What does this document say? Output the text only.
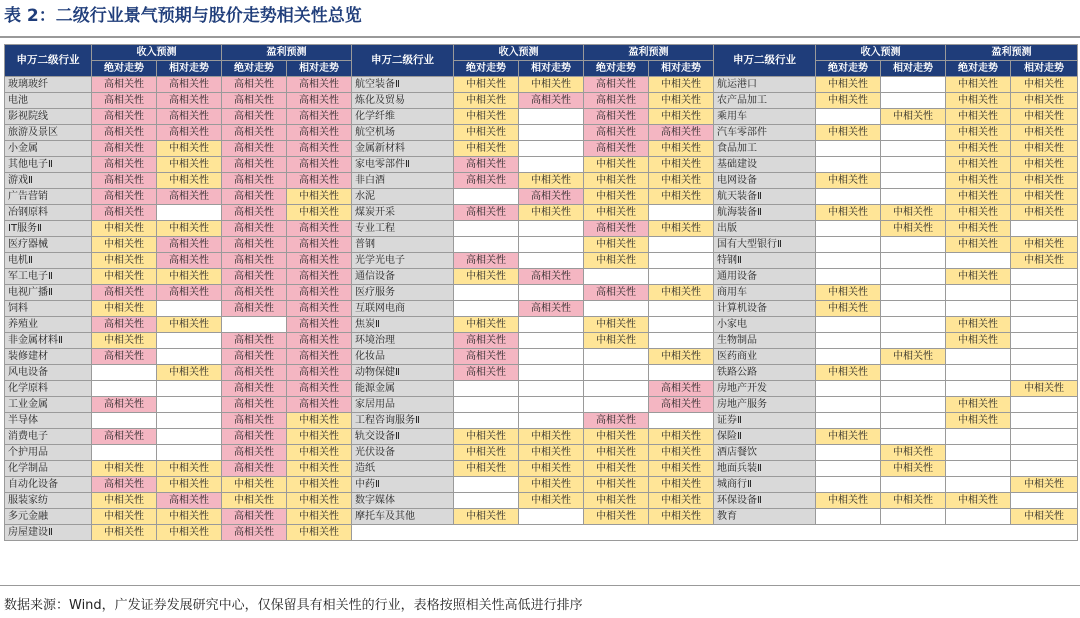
表 2：二级行业景气预期与股价走势相关性总览
申万二级行业	收入预测		盈利预测		申万二级行业	收入预测		盈利预测		申万二级行业	收入预测		盈利预测	
	绝对走势	相对走势	绝对走势	相对走势		绝对走势	相对走势	绝对走势	相对走势		绝对走势	相对走势	绝对走势	相对走势
玻璃玻纤	高相关性	高相关性	高相关性	高相关性	航空装备Ⅱ	中相关性	中相关性	高相关性	中相关性	航运港口	中相关性		中相关性	中相关性
电池	高相关性	高相关性	高相关性	高相关性	炼化及贸易	中相关性	高相关性	高相关性	中相关性	农产品加工	中相关性		中相关性	中相关性
影视院线	高相关性	高相关性	高相关性	高相关性	化学纤维	中相关性		高相关性	中相关性	乘用车		中相关性	中相关性	中相关性
旅游及景区	高相关性	高相关性	高相关性	高相关性	航空机场	中相关性		高相关性	高相关性	汽车零部件	中相关性		中相关性	中相关性
小金属	高相关性	中相关性	高相关性	高相关性	金属新材料	中相关性		高相关性	中相关性	食品加工			中相关性	中相关性
其他电子Ⅱ	高相关性	中相关性	高相关性	高相关性	家电零部件Ⅱ	高相关性		中相关性	中相关性	基础建设			中相关性	中相关性
游戏Ⅱ	高相关性	中相关性	高相关性	高相关性	非白酒	高相关性	中相关性	中相关性	中相关性	电网设备	中相关性		中相关性	中相关性
广告营销	高相关性	高相关性	高相关性	中相关性	水泥		高相关性	中相关性	中相关性	航天装备Ⅱ			中相关性	中相关性
冶钢原料	高相关性		高相关性	中相关性	煤炭开采	高相关性	中相关性	中相关性		航海装备Ⅱ	中相关性	中相关性	中相关性	中相关性
IT服务Ⅱ	中相关性	中相关性	高相关性	高相关性	专业工程			高相关性	中相关性	出版		中相关性	中相关性	
医疗器械	中相关性	高相关性	高相关性	高相关性	普钢			中相关性		国有大型银行Ⅱ			中相关性	中相关性
电机Ⅱ	中相关性	高相关性	高相关性	高相关性	光学光电子	高相关性		中相关性		特钢Ⅱ				中相关性
军工电子Ⅱ	中相关性	中相关性	高相关性	高相关性	通信设备	中相关性	高相关性			通用设备			中相关性	
电视广播Ⅱ	高相关性	高相关性	高相关性	高相关性	医疗服务			高相关性	中相关性	商用车	中相关性			
饲料	中相关性		高相关性	高相关性	互联网电商		高相关性			计算机设备	中相关性			
养殖业	高相关性	中相关性		高相关性	焦炭Ⅱ	中相关性		中相关性		小家电			中相关性	
非金属材料Ⅱ	中相关性		高相关性	高相关性	环境治理	高相关性		中相关性		生物制品			中相关性	
装修建材	高相关性		高相关性	高相关性	化妆品	高相关性			中相关性	医药商业		中相关性		
风电设备		中相关性	高相关性	高相关性	动物保健Ⅱ	高相关性				铁路公路	中相关性			
化学原料			高相关性	高相关性	能源金属				高相关性	房地产开发				中相关性
工业金属	高相关性		高相关性	高相关性	家居用品				高相关性	房地产服务			中相关性	
半导体			高相关性	中相关性	工程咨询服务Ⅱ			高相关性		证券Ⅱ			中相关性	
消费电子	高相关性		高相关性	中相关性	轨交设备Ⅱ	中相关性	中相关性	中相关性	中相关性	保险Ⅱ	中相关性			
个护用品			高相关性	中相关性	光伏设备	中相关性	中相关性	中相关性	中相关性	酒店餐饮		中相关性		
化学制品	中相关性	中相关性	高相关性	中相关性	造纸	中相关性	中相关性	中相关性	中相关性	地面兵装Ⅱ		中相关性		
自动化设备	高相关性	中相关性	中相关性	中相关性	中药Ⅱ		中相关性	中相关性	中相关性	城商行Ⅱ				中相关性
服装家纺	中相关性	高相关性	中相关性	中相关性	数字媒体		中相关性	中相关性	中相关性	环保设备Ⅱ	中相关性	中相关性	中相关性	
多元金融	中相关性	中相关性	高相关性	中相关性	摩托车及其他	中相关性		中相关性	中相关性	教育				中相关性
房屋建设Ⅱ	中相关性	中相关性	高相关性	中相关性										
数据来源：Wind，广发证券发展研究中心，仅保留具有相关性的行业，表格按照相关性高低进行排序
